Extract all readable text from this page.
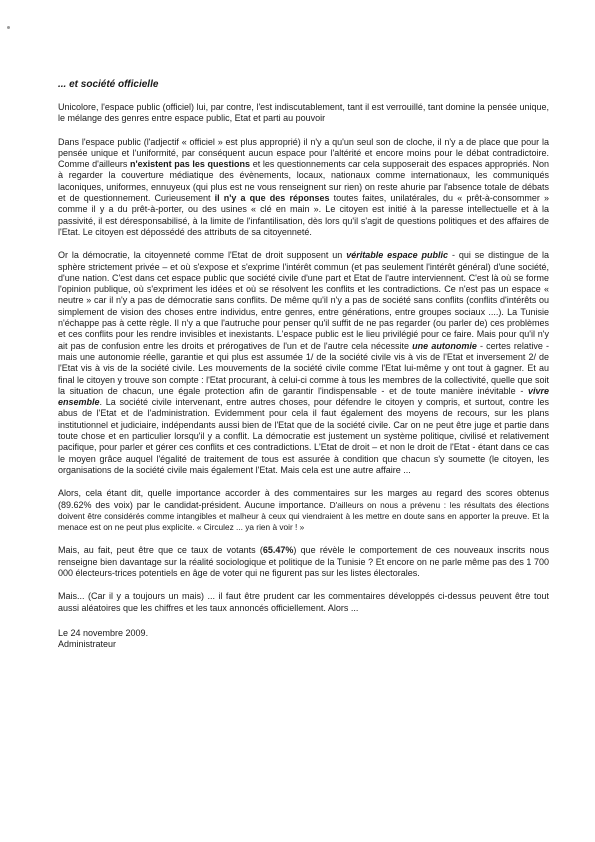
... et société officielle

Unicolore, l'espace public (officiel) lui, par contre, l'est indiscutablement, tant il est verrouillé, tant domine la pensée unique, le mélange des genres entre espace public, Etat et parti au pouvoir

Dans l'espace public (l'adjectif « officiel » est plus approprié) il n'y a qu'un seul son de cloche, il n'y a de place que pour la pensée unique et l'uniformité, par conséquent aucun espace pour l'altérité et encore moins pour le débat contradictoire. Comme d'ailleurs n'existent pas les questions et les questionnements car cela supposerait des espaces appropriés. Non à regarder la couverture médiatique des évènements, locaux, nationaux comme internationaux, les communiqués laconiques, uniformes, ennuyeux (qui plus est ne vous renseignent sur rien) on reste ahurie par l'absence totale de débats et de questionnement. Curieusement il n'y a que des réponses toutes faites, unilatérales, du « prêt-à-consommer » comme il y a du prêt-à-porter, ou des usines « clé en main ». Le citoyen est initié à la paresse intellectuelle et à la passivité, il est déresponsabilisé, à la limite de l'infantilisation, dès lors qu'il s'agit de questions politiques et des affaires de l'Etat. Le citoyen est dépossédé des attributs de sa citoyenneté.

Or la démocratie, la citoyenneté comme l'Etat de droit supposent un véritable espace public - qui se distingue de la sphère strictement privée – et où s'expose et s'exprime l'intérêt commun (et pas seulement l'intérêt général) d'une société, d'une nation. C'est dans cet espace public que société civile d'une part et Etat de l'autre interviennent. C'est là où se forme l'opinion publique, où s'expriment les idées et où se résolvent les conflits et les contradictions. Ce n'est pas un espace « neutre » car il n'y a pas de démocratie sans conflits. De même qu'il n'y a pas de société sans conflits (conflits d'intérêts ou simplement de vision des choses entre individus, entre genres, entre générations, entre groupes sociaux ....). La Tunisie n'échappe pas à cette règle. Il n'y a que l'autruche pour penser qu'il suffit de ne pas regarder (ou parler de) ces problèmes et ces conflits pour les rendre invisibles et inexistants. L'espace public est le lieu privilégié pour ce faire. Mais pour qu'il n'y ait pas de confusion entre les droits et prérogatives de l'un et de l'autre cela nécessite une autonomie - certes relative - mais une autonomie réelle, garantie et qui plus est assumée 1/ de la société civile vis à vis de l'Etat et inversement 2/ de l'Etat vis à vis de la société civile. Les mouvements de la société civile comme l'Etat lui-même y ont tout à gagner. Et au final le citoyen y trouve son compte : l'Etat procurant, à celui-ci comme à tous les membres de la collectivité, quelle que soit la situation de chacun, une égale protection afin de garantir l'indispensable - et de toute manière inévitable - vivre ensemble. La société civile intervenant, entre autres choses, pour défendre le citoyen y compris, et surtout, contre les abus de l'Etat et de l'administration. Evidemment pour cela il faut également des moyens de recours, sur les plans institutionnel et judiciaire, indépendants aussi bien de l'Etat que de la société civile. Car on ne peut être juge et partie dans toute chose et en particulier lorsqu'il y a conflit. La démocratie est justement un système politique, civilisé et relativement pacifique, pour parler et gérer ces conflits et ces contradictions. L'Etat de droit – et non le droit de l'Etat - étant dans ce cas le moyen grâce auquel l'égalité de traitement de tous est assurée à condition que chacun s'y soumette (le citoyen, les organisations de la société civile mais également l'Etat. Mais cela est une autre affaire ...

Alors, cela étant dit, quelle importance accorder à des commentaires sur les marges au regard des scores obtenus (89.62% des voix) par le candidat-président. Aucune importance. D'ailleurs on nous a prévenu : les résultats des élections doivent être considérés comme intangibles et malheur à ceux qui viendraient à les mettre en doute sans en apporter la preuve. Et la menace est on ne peut plus explicite. « Circulez ... ya rien à voir ! »

Mais, au fait, peut être que ce taux de votants (65.47%) que révèle le comportement de ces nouveaux inscrits nous renseigne bien davantage sur la réalité sociologique et politique de la Tunisie ? Et encore on ne parle même pas des 1 700 000 électeurs-trices potentiels en âge de voter qui ne figurent pas sur les listes électorales.

Mais... (Car il y a toujours un mais) ... il faut être prudent car les commentaires développés ci-dessus peuvent être tout aussi aléatoires que les chiffres et les taux annoncés officiellement. Alors ...

Le 24 novembre 2009.
Administrateur
